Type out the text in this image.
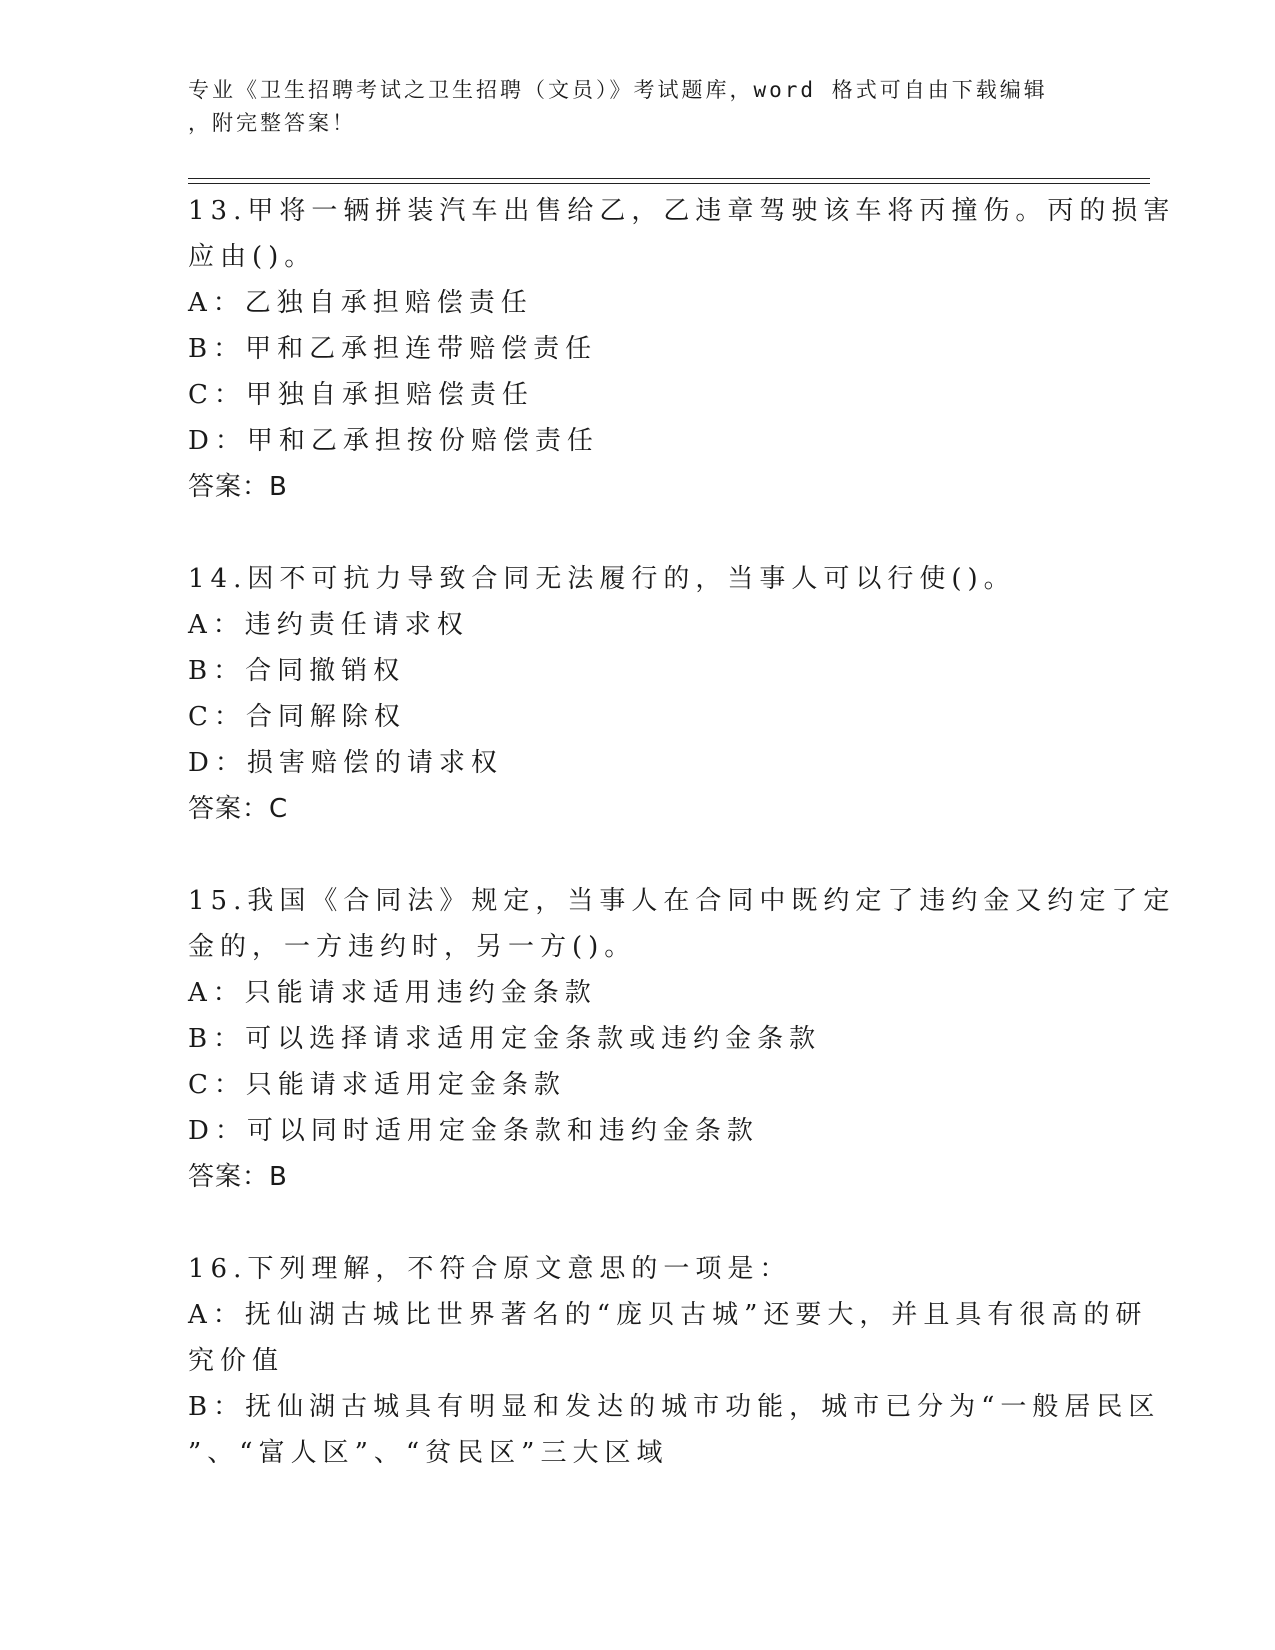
专业《卫生招聘考试之卫生招聘（文员）》考试题库，word 格式可自由下载编辑
，附完整答案！
13.甲将一辆拼装汽车出售给乙，乙违章驾驶该车将丙撞伤。丙的损害
应由()。
A：乙独自承担赔偿责任
B：甲和乙承担连带赔偿责任
C：甲独自承担赔偿责任
D：甲和乙承担按份赔偿责任
答案：B
14.因不可抗力导致合同无法履行的，当事人可以行使()。
A：违约责任请求权
B：合同撤销权
C：合同解除权
D：损害赔偿的请求权
答案：C
15.我国《合同法》规定，当事人在合同中既约定了违约金又约定了定
金的，一方违约时，另一方()。
A：只能请求适用违约金条款
B：可以选择请求适用定金条款或违约金条款
C：只能请求适用定金条款
D：可以同时适用定金条款和违约金条款
答案：B
16.下列理解，不符合原文意思的一项是：
A：抚仙湖古城比世界著名的“庞贝古城”还要大，并且具有很高的研
究价值
B：抚仙湖古城具有明显和发达的城市功能，城市已分为“一般居民区
”、“富人区”、“贫民区”三大区域
